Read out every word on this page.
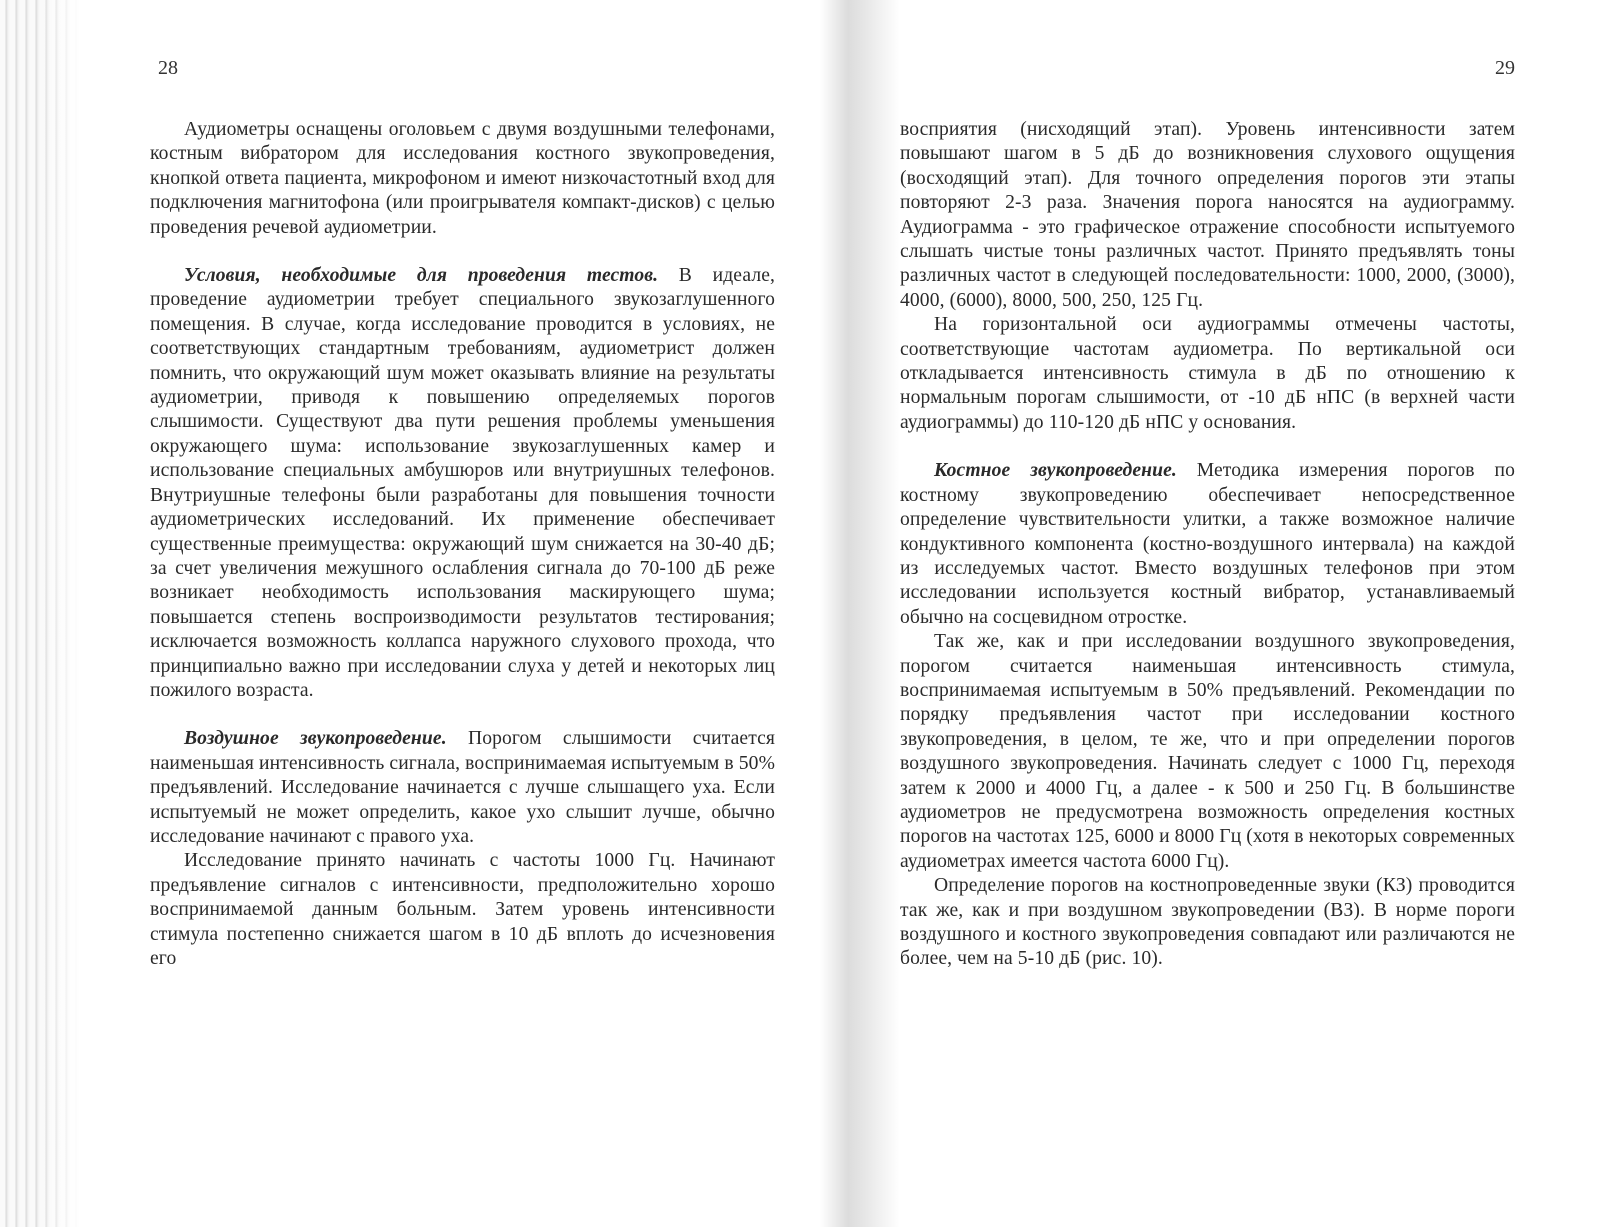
28

Аудиометры оснащены оголовьем с двумя воздушными телефонами, костным вибратором для исследования костного звукопроведения, кнопкой ответа пациента, микрофоном и имеют низкочастотный вход для подключения магнитофона (или проигрывателя компакт-дисков) с целью проведения речевой аудиометрии.

Условия, необходимые для проведения тестов. В идеале, проведение аудиометрии требует специального звукозаглушенного помещения. В случае, когда исследование проводится в условиях, не соответствующих стандартным требованиям, аудиометрист должен помнить, что окружающий шум может оказывать влияние на результаты аудиометрии, приводя к повышению определяемых порогов слышимости. Существуют два пути решения проблемы уменьшения окружающего шума: использование звукозаглушенных камер и использование специальных амбушюров или внутриушных телефонов. Внутриушные телефоны были разработаны для повышения точности аудиометрических исследований. Их применение обеспечивает существенные преимущества: окружающий шум снижается на 30-40 дБ; за счет увеличения межушного ослабления сигнала до 70-100 дБ реже возникает необходимость использования маскирующего шума; повышается степень воспроизводимости результатов тестирования; исключается возможность коллапса наружного слухового прохода, что принципиально важно при исследовании слуха у детей и некоторых лиц пожилого возраста.

Воздушное звукопроведение. Порогом слышимости считается наименьшая интенсивность сигнала, воспринимаемая испытуемым в 50% предъявлений. Исследование начинается с лучше слышащего уха. Если испытуемый не может определить, какое ухо слышит лучше, обычно исследование начинают с правого уха.

Исследование принято начинать с частоты 1000 Гц. Начинают предъявление сигналов с интенсивности, предположительно хорошо воспринимаемой данным больным. Затем уровень интенсивности стимула постепенно снижается шагом в 10 дБ вплоть до исчезновения его

29

восприятия (нисходящий этап). Уровень интенсивности затем повышают шагом в 5 дБ до возникновения слухового ощущения (восходящий этап). Для точного определения порогов эти этапы повторяют 2-3 раза. Значения порога наносятся на аудиограмму. Аудиограмма - это графическое отражение способности испытуемого слышать чистые тоны различных частот. Принято предъявлять тоны различных частот в следующей последовательности: 1000, 2000, (3000), 4000, (6000), 8000, 500, 250, 125 Гц.

На горизонтальной оси аудиограммы отмечены частоты, соответствующие частотам аудиометра. По вертикальной оси откладывается интенсивность стимула в дБ по отношению к нормальным порогам слышимости, от -10 дБ нПС (в верхней части аудиограммы) до 110-120 дБ нПС у основания.

Костное звукопроведение. Методика измерения порогов по костному звукопроведению обеспечивает непосредственное определение чувствительности улитки, а также возможное наличие кондуктивного компонента (костно-воздушного интервала) на каждой из исследуемых частот. Вместо воздушных телефонов при этом исследовании используется костный вибратор, устанавливаемый обычно на сосцевидном отростке.

Так же, как и при исследовании воздушного звукопроведения, порогом считается наименьшая интенсивность стимула, воспринимаемая испытуемым в 50% предъявлений. Рекомендации по порядку предъявления частот при исследовании костного звукопроведения, в целом, те же, что и при определении порогов воздушного звукопроведения. Начинать следует с 1000 Гц, переходя затем к 2000 и 4000 Гц, а далее - к 500 и 250 Гц. В большинстве аудиометров не предусмотрена возможность определения костных порогов на частотах 125, 6000 и 8000 Гц (хотя в некоторых современных аудиометрах имеется частота 6000 Гц).

Определение порогов на костнопроведенные звуки (КЗ) проводится так же, как и при воздушном звукопроведении (ВЗ). В норме пороги воздушного и костного звукопроведения совпадают или различаются не более, чем на 5-10 дБ (рис. 10).
